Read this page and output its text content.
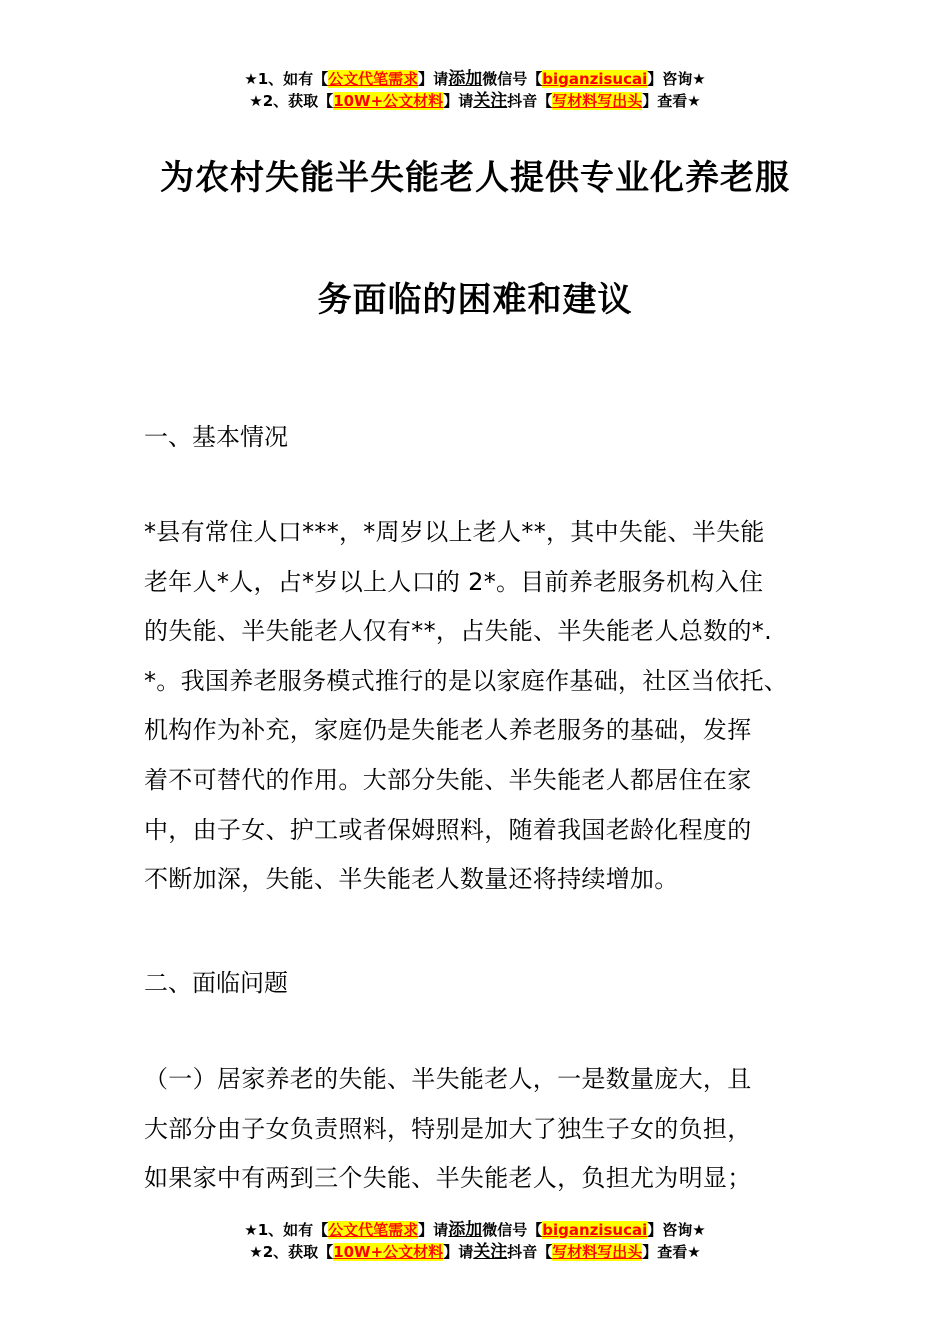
★1、如有【公文代笔需求】请添加微信号【biganzisucai】咨询★
★2、获取【10W+公文材料】请关注抖音【写材料写出头】查看★
为农村失能半失能老人提供专业化养老服
务面临的困难和建议
一、基本情况
*县有常住人口***，*周岁以上老人**，其中失能、半失能
老年人*人，占*岁以上人口的 2*。目前养老服务机构入住
的失能、半失能老人仅有**，占失能、半失能老人总数的*.
*。我国养老服务模式推行的是以家庭作基础，社区当依托、
机构作为补充，家庭仍是失能老人养老服务的基础，发挥
着不可替代的作用。大部分失能、半失能老人都居住在家
中，由子女、护工或者保姆照料，随着我国老龄化程度的
不断加深，失能、半失能老人数量还将持续增加。
二、面临问题
（一）居家养老的失能、半失能老人，一是数量庞大，且
大部分由子女负责照料，特别是加大了独生子女的负担，
如果家中有两到三个失能、半失能老人，负担尤为明显；
★1、如有【公文代笔需求】请添加微信号【biganzisucai】咨询★
★2、获取【10W+公文材料】请关注抖音【写材料写出头】查看★
